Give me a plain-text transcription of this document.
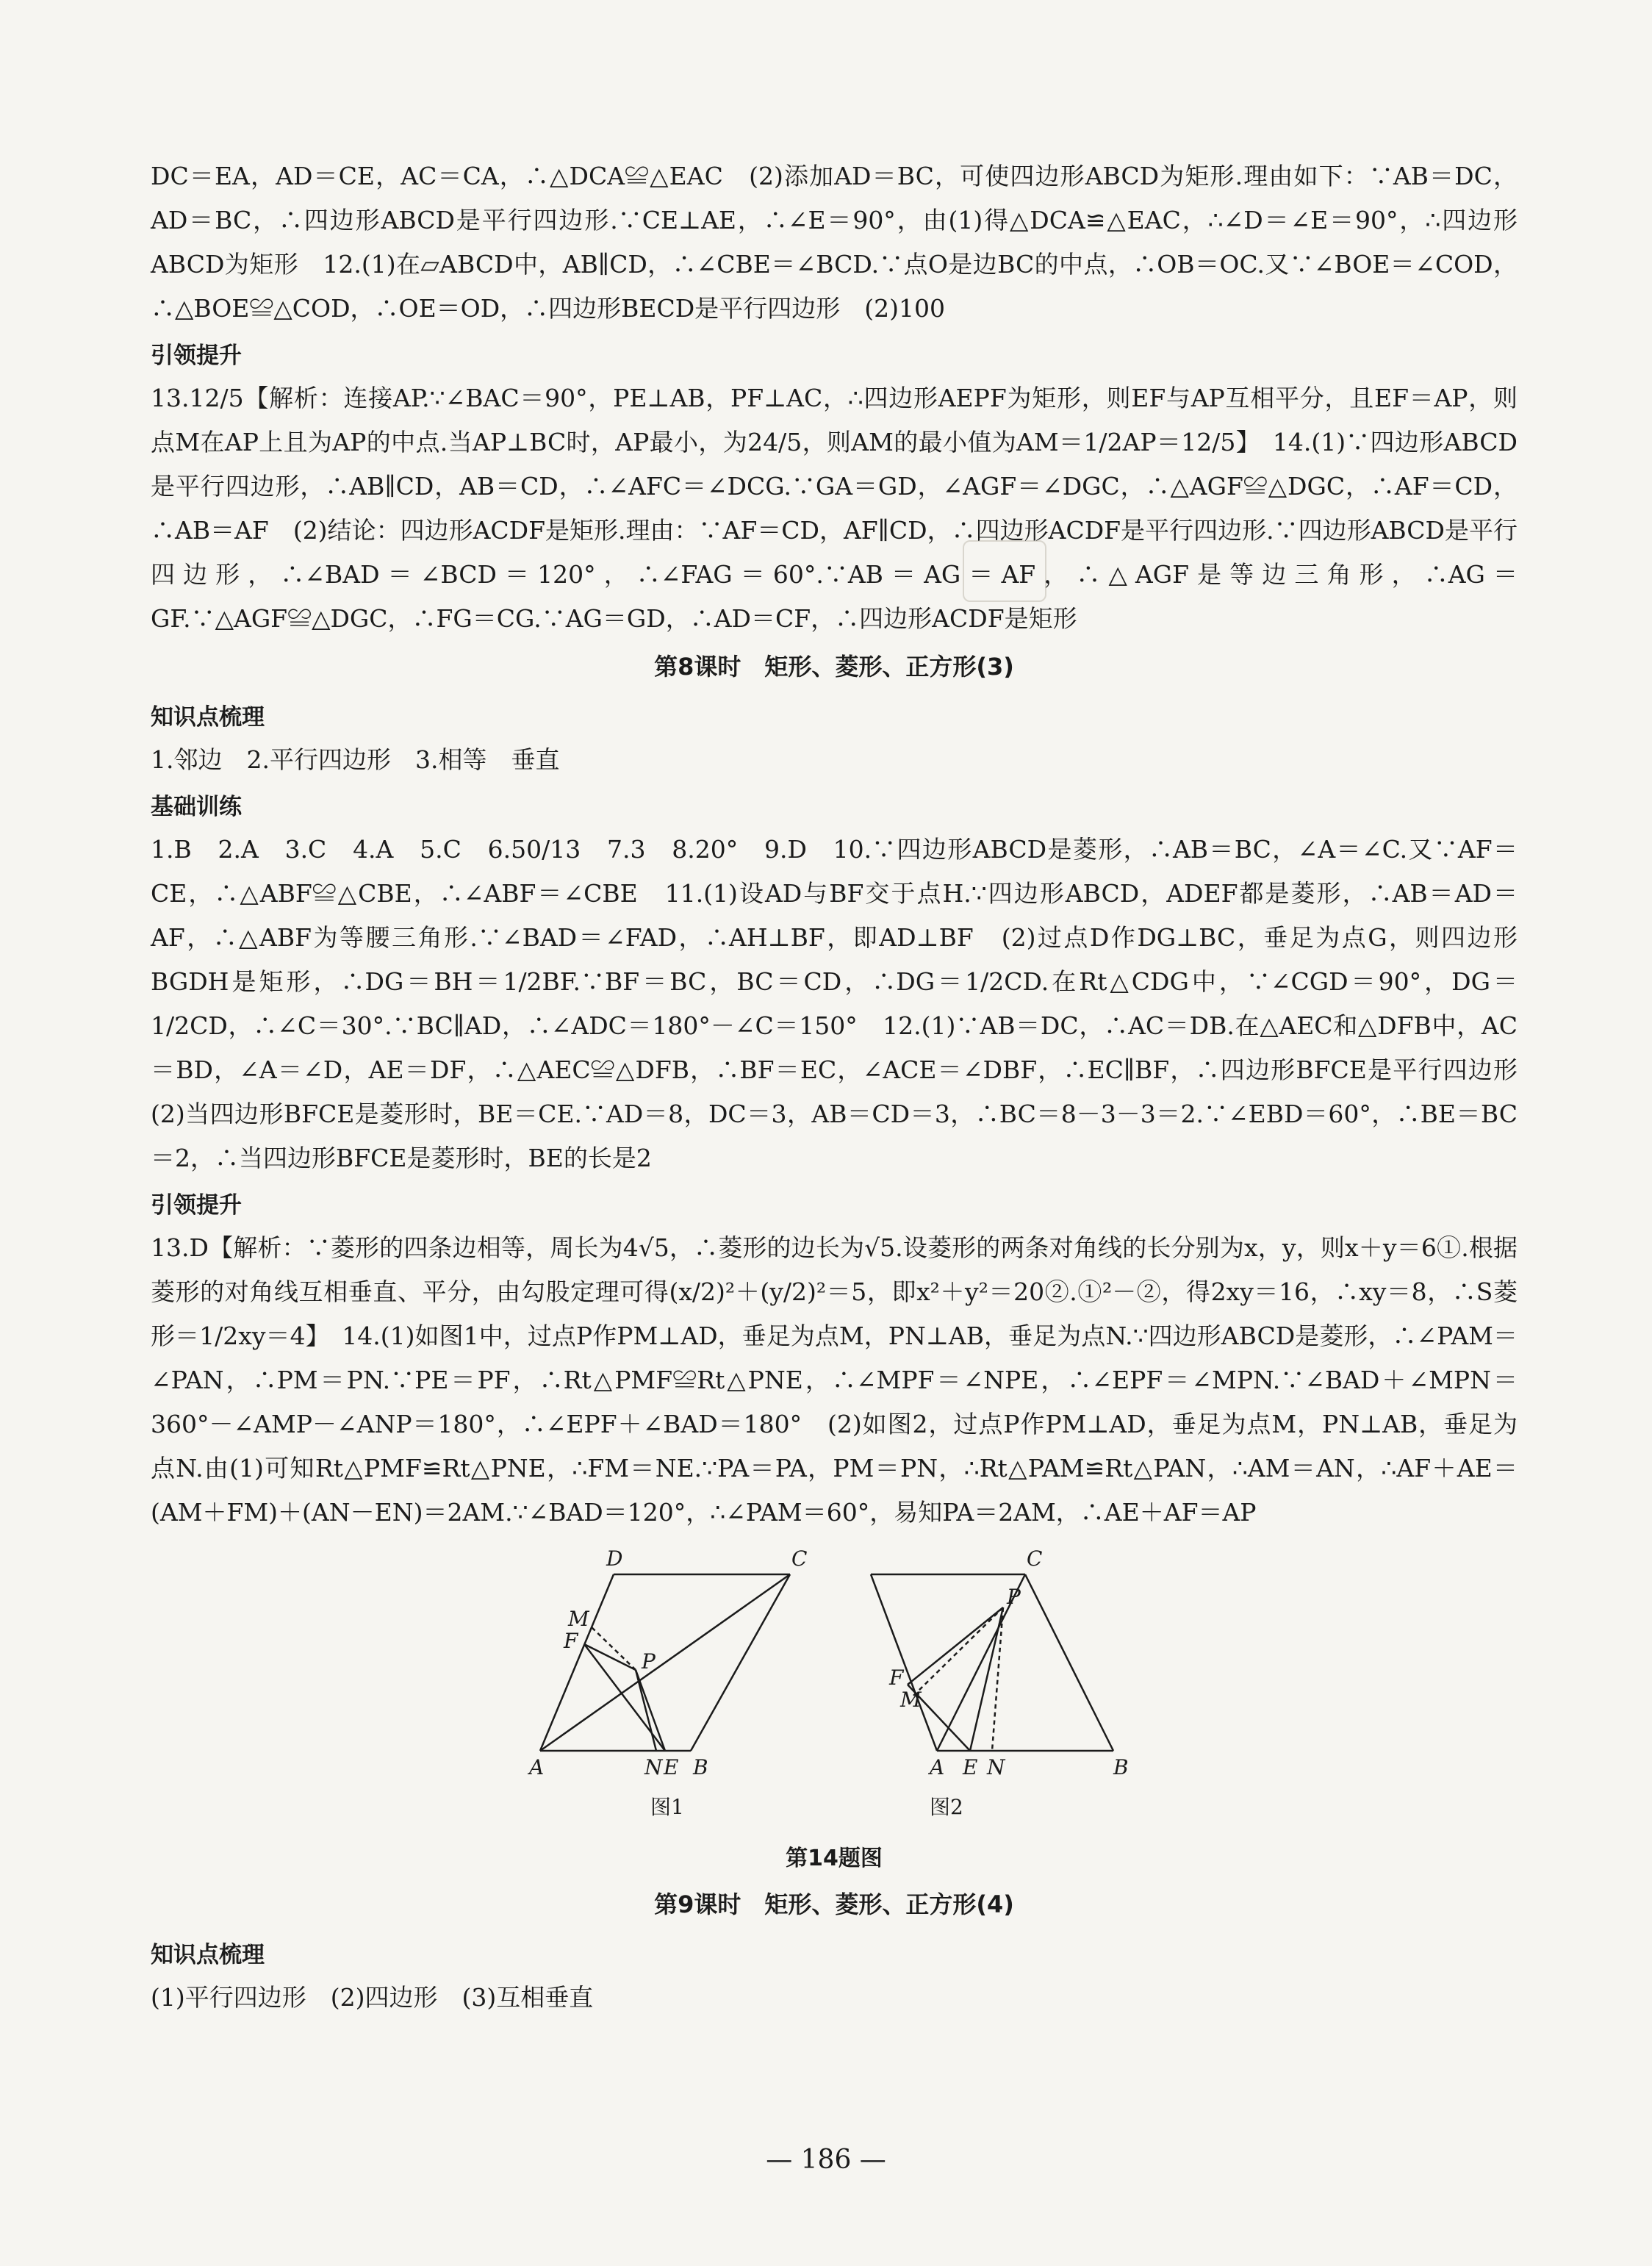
DC＝EA，AD＝CE，AC＝CA，∴△DCA≌△EAC　(2)添加AD＝BC，可使四边形ABCD为矩形.理由如下：∵AB＝DC，AD＝BC，∴四边形ABCD是平行四边形.∵CE⊥AE，∴∠E＝90°，由(1)得△DCA≌△EAC，∴∠D＝∠E＝90°，∴四边形ABCD为矩形　12.(1)在▱ABCD中，AB∥CD，∴∠CBE＝∠BCD.∵点O是边BC的中点，∴OB＝OC.又∵∠BOE＝∠COD，∴△BOE≌△COD，∴OE＝OD，∴四边形BECD是平行四边形　(2)100

引领提升

13.12/5【解析：连接AP.∵∠BAC＝90°，PE⊥AB，PF⊥AC，∴四边形AEPF为矩形，则EF与AP互相平分，且EF＝AP，则点M在AP上且为AP的中点.当AP⊥BC时，AP最小，为24/5，则AM的最小值为AM＝1/2AP＝12/5】　14.(1)∵四边形ABCD是平行四边形，∴AB∥CD，AB＝CD，∴∠AFC＝∠DCG.∵GA＝GD，∠AGF＝∠DGC，∴△AGF≌△DGC，∴AF＝CD，∴AB＝AF　(2)结论：四边形ACDF是矩形.理由：∵AF＝CD，AF∥CD，∴四边形ACDF是平行四边形.∵四边形ABCD是平行四边形，∴∠BAD＝∠BCD＝120°，∴∠FAG＝60°.∵AB＝AG＝AF，∴△AGF是等边三角形，∴AG＝GF.∵△AGF≌△DGC，∴FG＝CG.∵AG＝GD，∴AD＝CF，∴四边形ACDF是矩形

第8课时　矩形、菱形、正方形(3)

知识点梳理

1.邻边　2.平行四边形　3.相等　垂直

基础训练

1.B　2.A　3.C　4.A　5.C　6.50/13　7.3　8.20°　9.D　10.∵四边形ABCD是菱形，∴AB＝BC，∠A＝∠C.又∵AF＝CE，∴△ABF≌△CBE，∴∠ABF＝∠CBE　11.(1)设AD与BF交于点H.∵四边形ABCD，ADEF都是菱形，∴AB＝AD＝AF，∴△ABF为等腰三角形.∵∠BAD＝∠FAD，∴AH⊥BF，即AD⊥BF　(2)过点D作DG⊥BC，垂足为点G，则四边形BGDH是矩形，∴DG＝BH＝1/2BF.∵BF＝BC，BC＝CD，∴DG＝1/2CD.在Rt△CDG中，∵∠CGD＝90°，DG＝1/2CD，∴∠C＝30°.∵BC∥AD，∴∠ADC＝180°－∠C＝150°　12.(1)∵AB＝DC，∴AC＝DB.在△AEC和△DFB中，AC＝BD，∠A＝∠D，AE＝DF，∴△AEC≌△DFB，∴BF＝EC，∠ACE＝∠DBF，∴EC∥BF，∴四边形BFCE是平行四边形　(2)当四边形BFCE是菱形时，BE＝CE.∵AD＝8，DC＝3，AB＝CD＝3，∴BC＝8－3－3＝2.∵∠EBD＝60°，∴BE＝BC＝2，∴当四边形BFCE是菱形时，BE的长是2

引领提升

13.D【解析：∵菱形的四条边相等，周长为4√5，∴菱形的边长为√5.设菱形的两条对角线的长分别为x，y，则x＋y＝6①.根据菱形的对角线互相垂直、平分，由勾股定理可得(x/2)²＋(y/2)²＝5，即x²＋y²＝20②.①²－②，得2xy＝16，∴xy＝8，∴S菱形＝1/2xy＝4】　14.(1)如图1中，过点P作PM⊥AD，垂足为点M，PN⊥AB，垂足为点N.∵四边形ABCD是菱形，∴∠PAM＝∠PAN，∴PM＝PN.∵PE＝PF，∴Rt△PMF≌Rt△PNE，∴∠MPF＝∠NPE，∴∠EPF＝∠MPN.∵∠BAD＋∠MPN＝360°－∠AMP－∠ANP＝180°，∴∠EPF＋∠BAD＝180°　(2)如图2，过点P作PM⊥AD，垂足为点M，PN⊥AB，垂足为点N.由(1)可知Rt△PMF≌Rt△PNE，∴FM＝NE.∵PA＝PA，PM＝PN，∴Rt△PAM≌Rt△PAN，∴AM＝AN，∴AF＋AE＝(AM＋FM)＋(AN－EN)＝2AM.∵∠BAD＝120°，∴∠PAM＝60°，易知PA＝2AM，∴AE＋AF＝AP

D	C
M
F
P
A	N E B
图1
C
P
F
M
A E N	B
图2

第14题图

第9课时　矩形、菱形、正方形(4)

知识点梳理

(1)平行四边形　(2)四边形　(3)互相垂直

— 186 —
